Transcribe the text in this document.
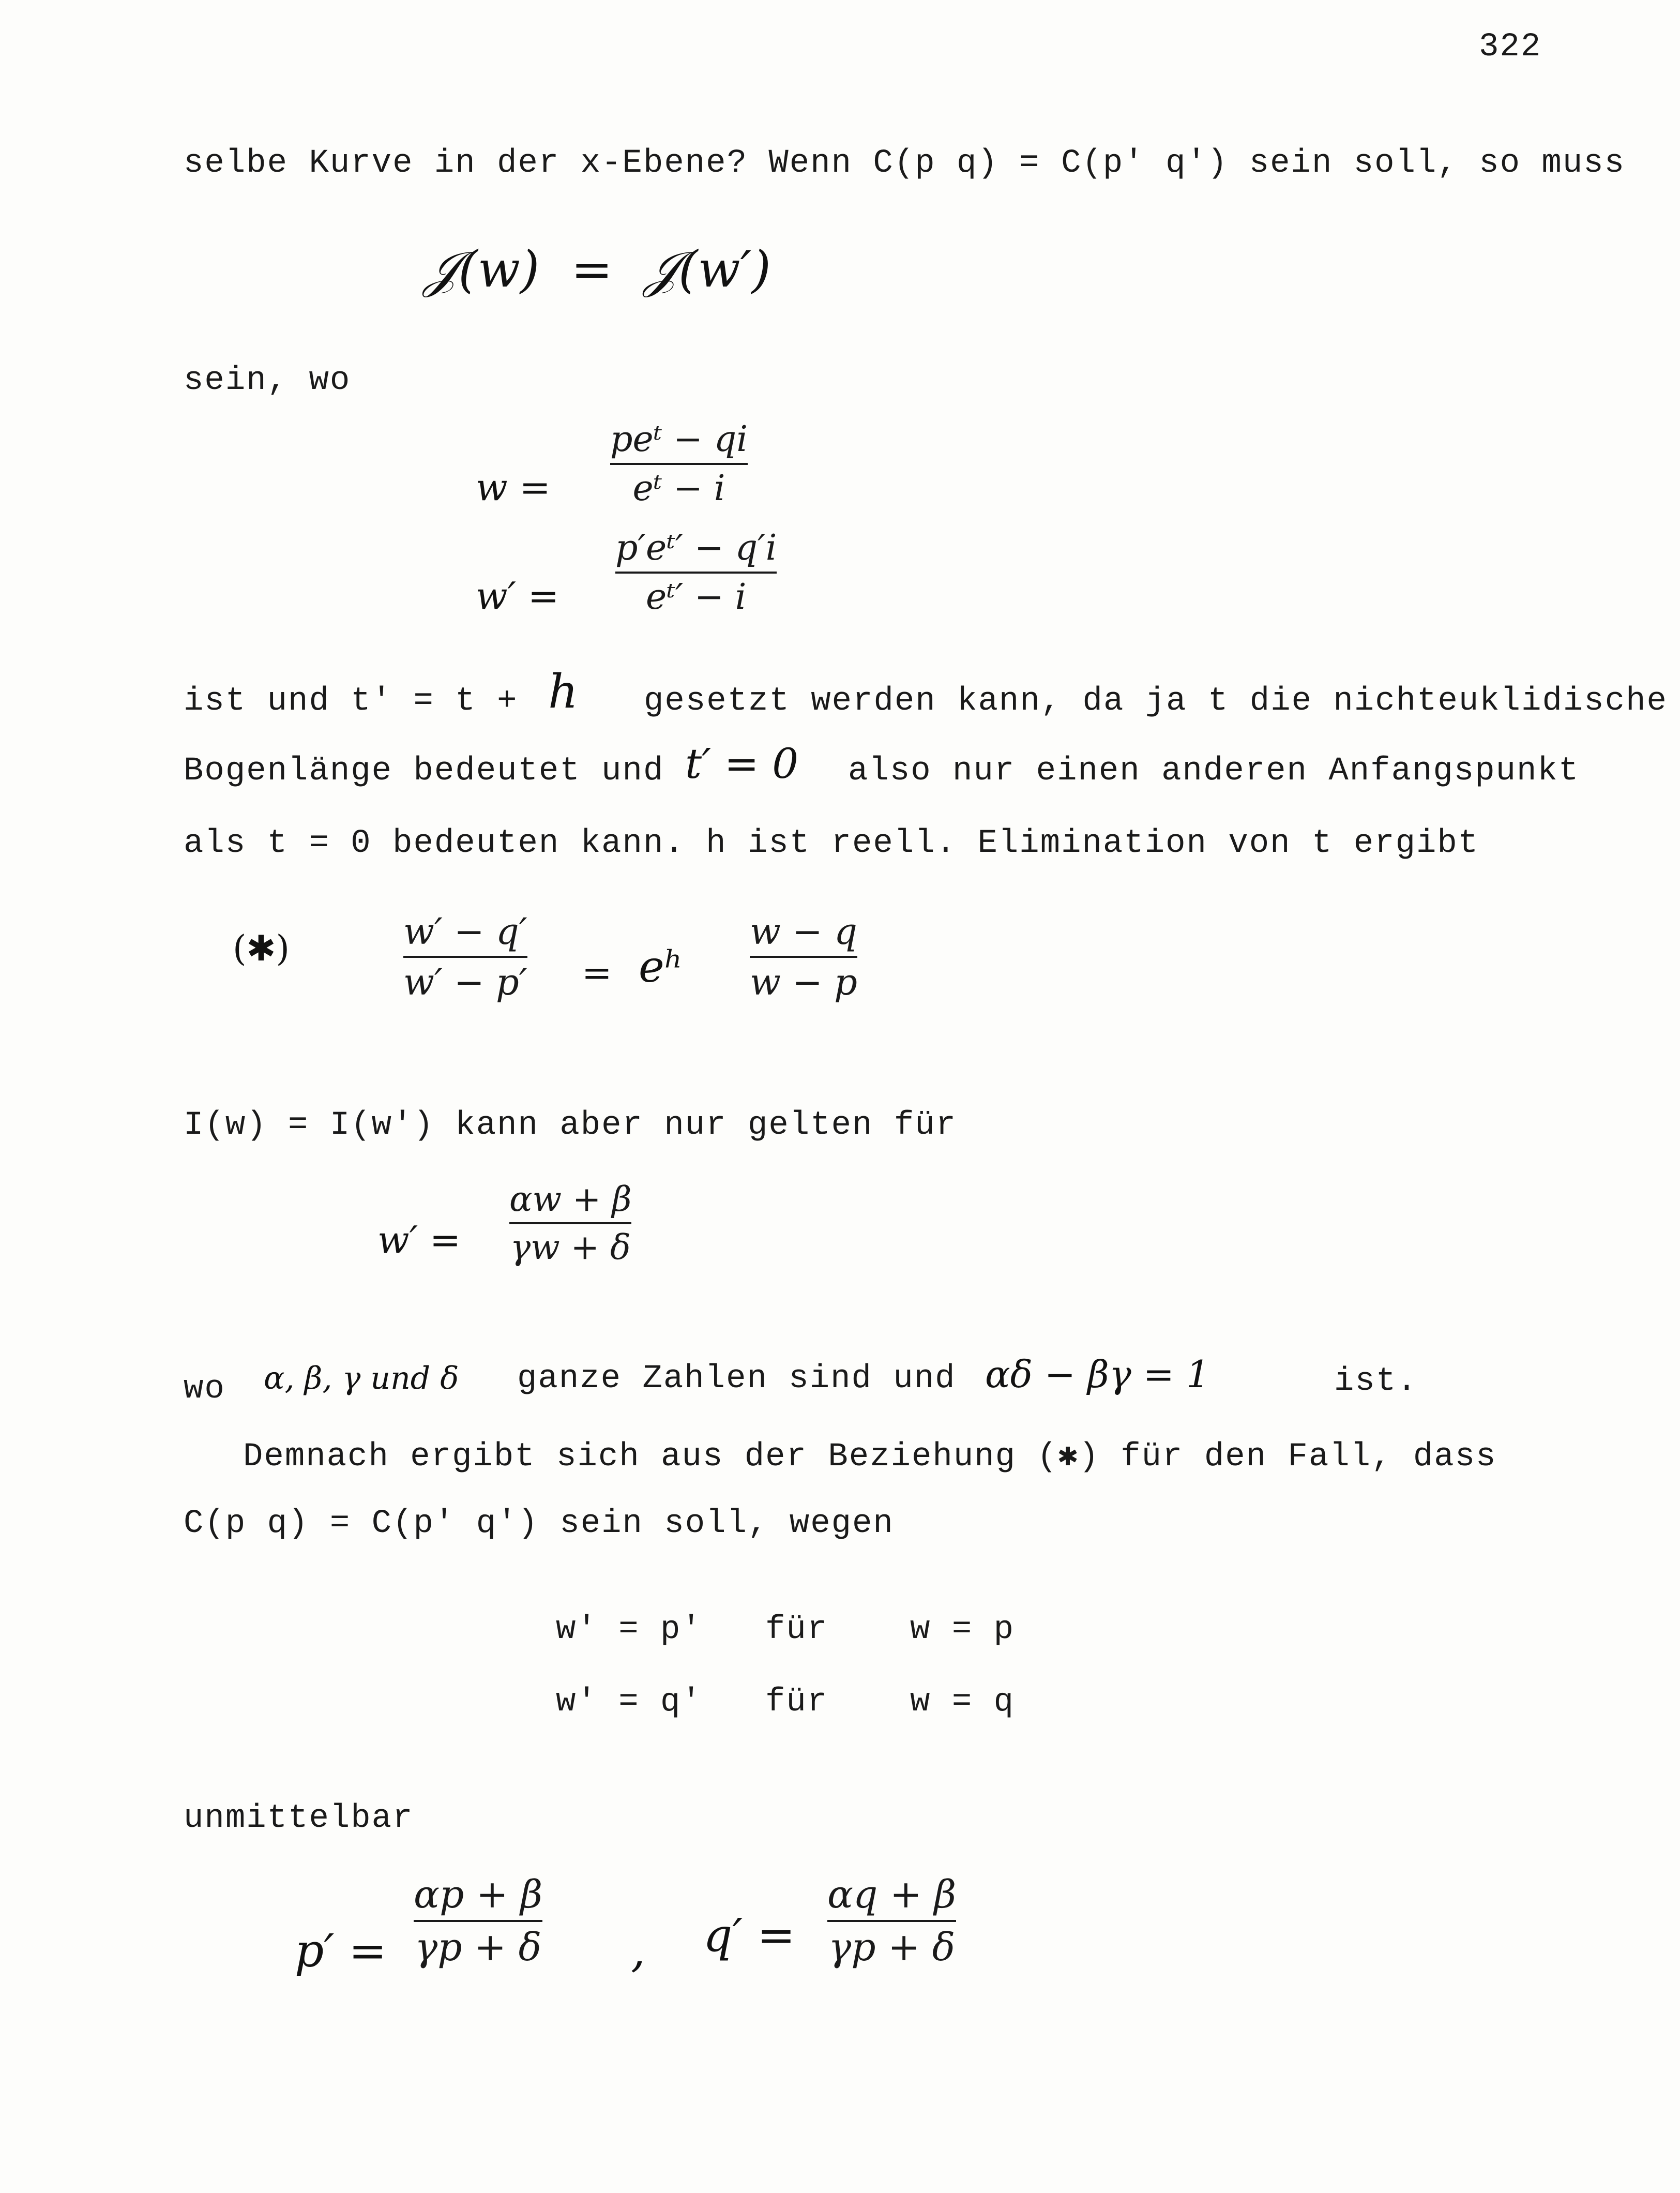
322
selbe Kurve in der x-Ebene? Wenn C(p q) = C(p′ q′) sein soll, so muss
𝒥(w)  =  𝒥(w′)
sein, wo
w =
peᵗ − qi
eᵗ − i
w′ =
p′eᵗ′ − q′i
eᵗ′ − i
ist und t′ = t + h gesetzt werden kann, da ja t die nichteuklidische
Bogenlänge bedeutet und t′ = 0 also nur einen anderen Anfangspunkt
als t = 0 bedeuten kann. h ist reell. Elimination von t ergibt
(✱)	w′ − q′
w′ − p′ = eʰ
w − q
w − p
I(w) = I(w′) kann aber nur gelten für
w′ =
αw + β
γw + δ
wo α, β, γ und δ ganze Zahlen sind und αδ − βγ = 1	ist.
Demnach ergibt sich aus der Beziehung (✱) für den Fall, dass
C(p q) = C(p′ q′) sein soll, wegen
w′ = p′ für w = p
w′ = q′ für w = q
unmittelbar
p′ =
αp + β
γp + δ , q′ =
αq + β
γp + δ
